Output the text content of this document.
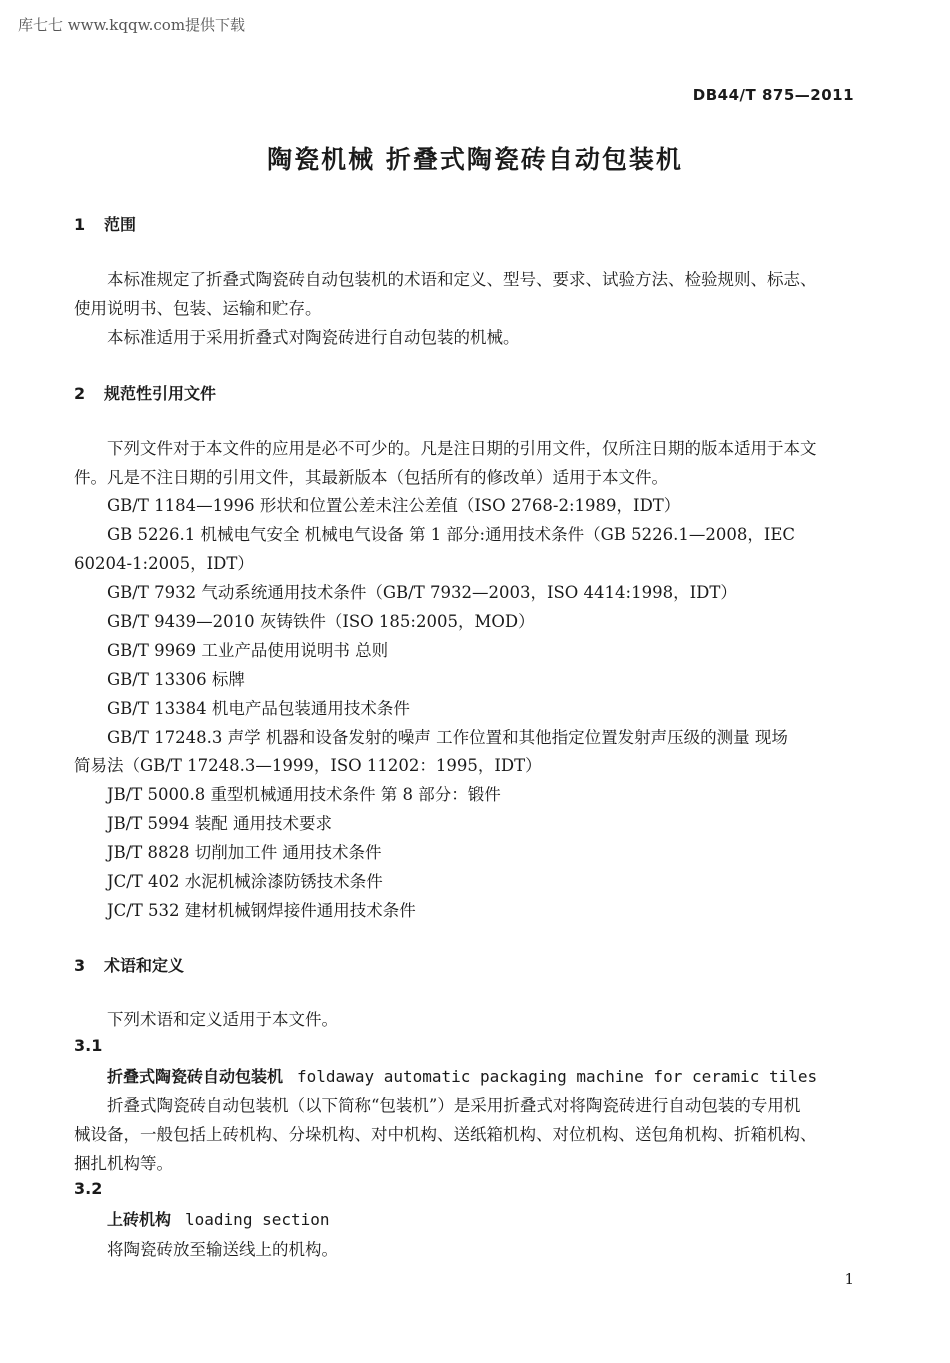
库七七 www.kqqw.com提供下载
DB44/T 875—2011
陶瓷机械 折叠式陶瓷砖自动包装机
1 范围
本标准规定了折叠式陶瓷砖自动包装机的术语和定义、型号、要求、试验方法、检验规则、标志、
使用说明书、包装、运输和贮存。
本标准适用于采用折叠式对陶瓷砖进行自动包装的机械。
2 规范性引用文件
下列文件对于本文件的应用是必不可少的。凡是注日期的引用文件，仅所注日期的版本适用于本文
件。凡是不注日期的引用文件，其最新版本（包括所有的修改单）适用于本文件。
GB/T 1184—1996 形状和位置公差未注公差值（ISO 2768-2:1989，IDT）
GB 5226.1 机械电气安全 机械电气设备 第 1 部分:通用技术条件（GB 5226.1—2008，IEC
60204-1:2005，IDT）
GB/T 7932 气动系统通用技术条件（GB/T 7932—2003，ISO 4414:1998，IDT）
GB/T 9439—2010 灰铸铁件（ISO 185:2005，MOD）
GB/T 9969 工业产品使用说明书 总则
GB/T 13306 标牌
GB/T 13384 机电产品包装通用技术条件
GB/T 17248.3 声学 机器和设备发射的噪声 工作位置和其他指定位置发射声压级的测量 现场
简易法（GB/T 17248.3—1999，ISO 11202：1995，IDT）
JB/T 5000.8 重型机械通用技术条件 第 8 部分：锻件
JB/T 5994 装配 通用技术要求
JB/T 8828 切削加工件 通用技术条件
JC/T 402 水泥机械涂漆防锈技术条件
JC/T 532 建材机械钢焊接件通用技术条件
3 术语和定义
下列术语和定义适用于本文件。
3.1
折叠式陶瓷砖自动包装机 foldaway automatic packaging machine for ceramic tiles
折叠式陶瓷砖自动包装机（以下简称“包装机”）是采用折叠式对将陶瓷砖进行自动包装的专用机
械设备，一般包括上砖机构、分垛机构、对中机构、送纸箱机构、对位机构、送包角机构、折箱机构、
捆扎机构等。
3.2
上砖机构 loading section
将陶瓷砖放至输送线上的机构。
1
